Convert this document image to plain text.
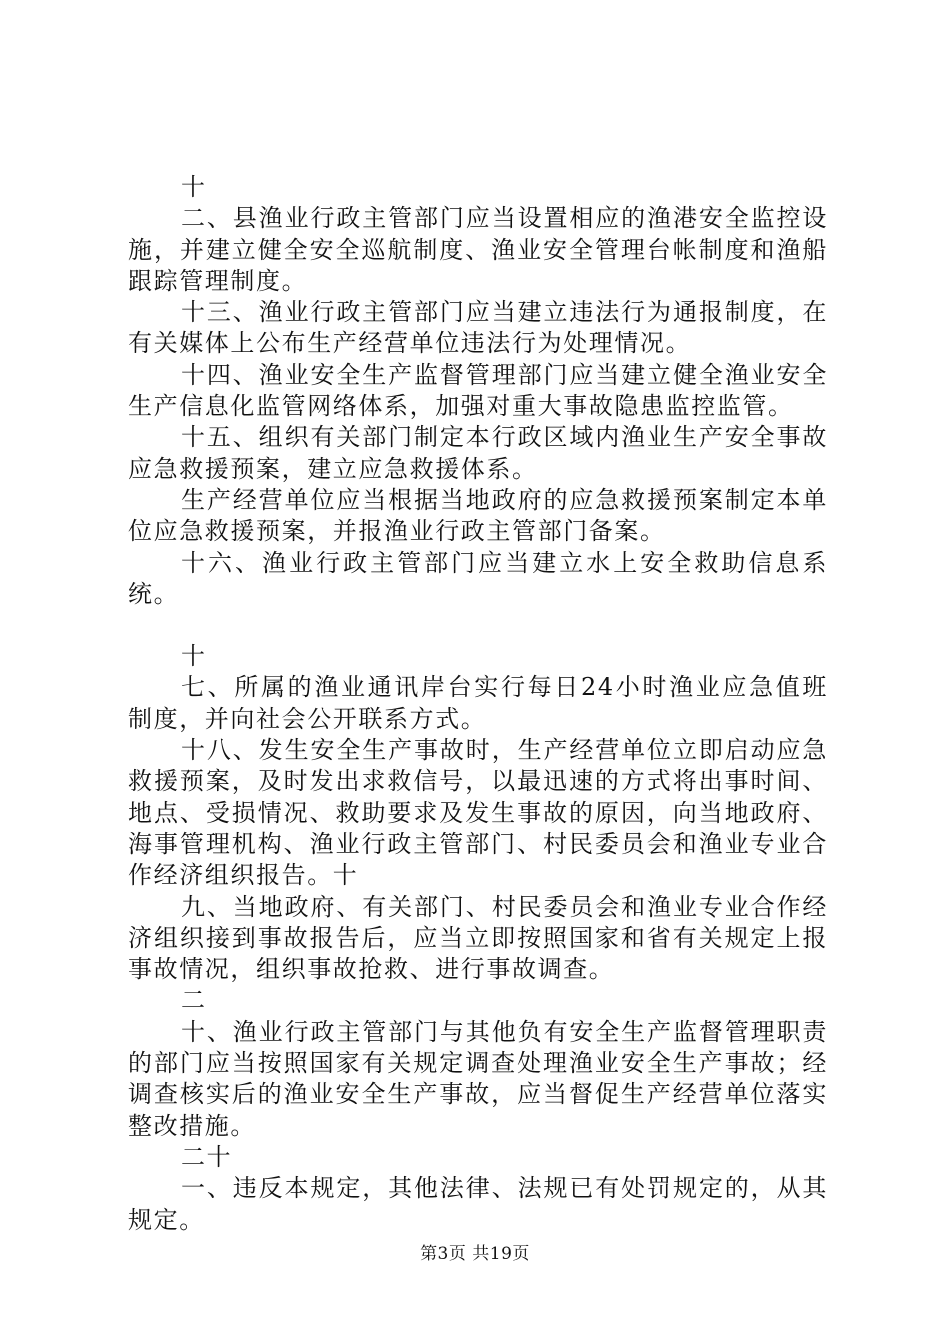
十

二、县渔业行政主管部门应当设置相应的渔港安全监控设施，并建立健全安全巡航制度、渔业安全管理台帐制度和渔船跟踪管理制度。

十三、渔业行政主管部门应当建立违法行为通报制度，在有关媒体上公布生产经营单位违法行为处理情况。

十四、渔业安全生产监督管理部门应当建立健全渔业安全生产信息化监管网络体系，加强对重大事故隐患监控监管。

十五、组织有关部门制定本行政区域内渔业生产安全事故应急救援预案，建立应急救援体系。

生产经营单位应当根据当地政府的应急救援预案制定本单位应急救援预案，并报渔业行政主管部门备案。

十六、渔业行政主管部门应当建立水上安全救助信息系统。

十

七、所属的渔业通讯岸台实行每日24小时渔业应急值班制度，并向社会公开联系方式。

十八、发生安全生产事故时，生产经营单位立即启动应急救援预案，及时发出求救信号，以最迅速的方式将出事时间、地点、受损情况、救助要求及发生事故的原因，向当地政府、海事管理机构、渔业行政主管部门、村民委员会和渔业专业合作经济组织报告。十

九、当地政府、有关部门、村民委员会和渔业专业合作经济组织接到事故报告后，应当立即按照国家和省有关规定上报事故情况，组织事故抢救、进行事故调查。

二

十、渔业行政主管部门与其他负有安全生产监督管理职责的部门应当按照国家有关规定调查处理渔业安全生产事故；经调查核实后的渔业安全生产事故，应当督促生产经营单位落实整改措施。

二十

一、违反本规定，其他法律、法规已有处罚规定的，从其规定。

第3页 共19页
